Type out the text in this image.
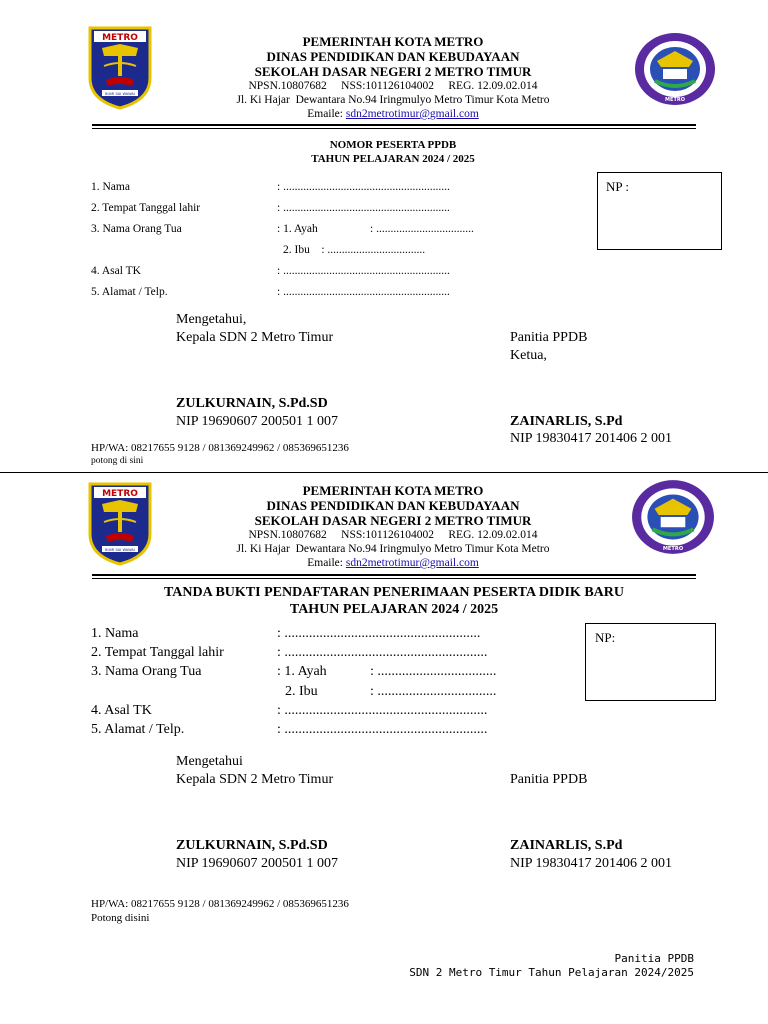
METRO
BUMI SAI WAWAI
PEMERINTAH KOTA METRO
DINAS PENDIDIKAN DAN KEBUDAYAAN
SEKOLAH DASAR NEGERI 2 METRO TIMUR
NPSN.10807682     NSS:101126104002     REG. 12.09.02.014
Jl. Ki Hajar  Dewantara No.94 Iringmulyo Metro Timur Kota Metro
Emaile: sdn2metrotimur@gmail.com
METRO
NOMOR PESERTA PPDB
TAHUN PELAJARAN 2024 / 2025
NP :
1. Nama	: ..........................................................
2. Tempat Tanggal lahir	: ..........................................................
3. Nama Orang Tua	: 1. Ayah	: ..................................
2. Ibu    : ..................................
4. Asal TK	: ..........................................................
5. Alamat / Telp.	: ..........................................................
Mengetahui,
Kepala SDN 2 Metro Timur	Panitia PPDB
Ketua,
ZULKURNAIN, S.Pd.SD
NIP 19690607 200501 1 007	ZAINARLIS, S.Pd
NIP 19830417 201406 2 001
HP/WA: 08217655 9128 / 081369249962 / 085369651236
potong di sini
METRO
BUMI SAI WAWAI
PEMERINTAH KOTA METRO
DINAS PENDIDIKAN DAN KEBUDAYAAN
SEKOLAH DASAR NEGERI 2 METRO TIMUR
NPSN.10807682     NSS:101126104002     REG. 12.09.02.014
Jl. Ki Hajar  Dewantara No.94 Iringmulyo Metro Timur Kota Metro
Emaile: sdn2metrotimur@gmail.com
METRO
TANDA BUKTI PENDAFTARAN PENERIMAAN PESERTA DIDIK BARU
TAHUN PELAJARAN 2024 / 2025
NP:
1. Nama	: ........................................................
2. Tempat Tanggal lahir	: ..........................................................
3. Nama Orang Tua	: 1. Ayah	: ..................................
2. Ibu	: ..................................
4. Asal TK	: ..........................................................
5. Alamat / Telp.	: ..........................................................
Mengetahui
Kepala SDN 2 Metro Timur	Panitia PPDB
ZULKURNAIN, S.Pd.SD
NIP 19690607 200501 1 007
ZAINARLIS, S.Pd
NIP 19830417 201406 2 001
HP/WA: 08217655 9128 / 081369249962 / 085369651236
Potong disini
Panitia PPDB
SDN 2 Metro Timur Tahun Pelajaran 2024/2025
